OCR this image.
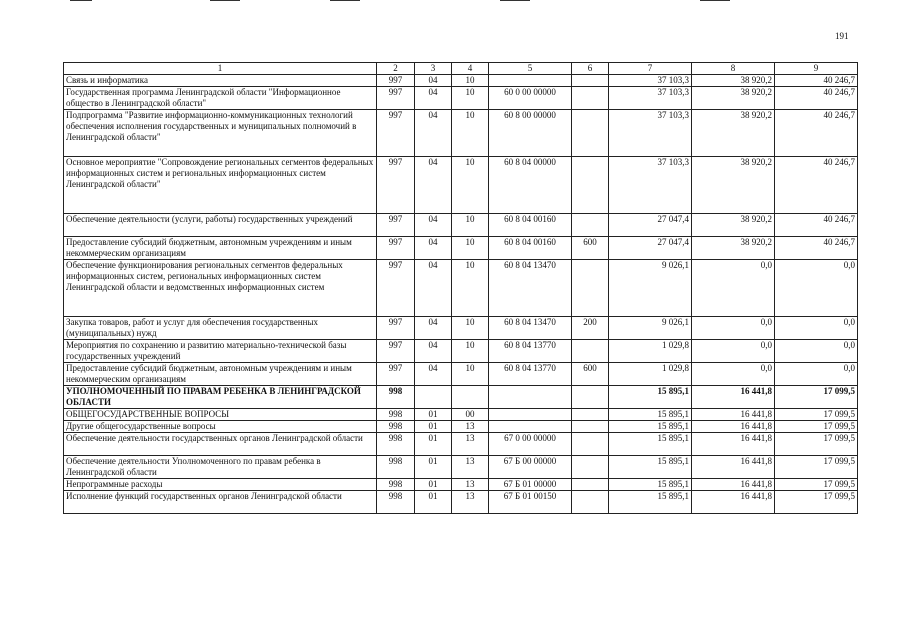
191
1	2	3	4	5	6	7	8	9
Связь и информатика	997	04	10			37 103,3	38 920,2	40 246,7
Государственная программа Ленинградской области "Информационное общество в Ленинградской области"	997	04	10	60 0 00 00000		37 103,3	38 920,2	40 246,7
Подпрограмма "Развитие информационно-коммуникационных технологий обеспечения исполнения государственных и муниципальных полномочий в Ленинградской области"	997	04	10	60 8 00 00000		37 103,3	38 920,2	40 246,7
Основное мероприятие "Сопровождение региональных сегментов федеральных информационных систем и региональных информационных систем Ленинградской области"	997	04	10	60 8 04 00000		37 103,3	38 920,2	40 246,7
Обеспечение деятельности (услуги, работы) государственных учреждений	997	04	10	60 8 04 00160		27 047,4	38 920,2	40 246,7
Предоставление субсидий бюджетным, автономным учреждениям и иным некоммерческим организациям	997	04	10	60 8 04 00160	600	27 047,4	38 920,2	40 246,7
Обеспечение функционирования региональных сегментов федеральных информационных систем, региональных информационных систем Ленинградской области и ведомственных информационных систем	997	04	10	60 8 04 13470		9 026,1	0,0	0,0
Закупка товаров, работ и услуг для обеспечения государственных (муниципальных) нужд	997	04	10	60 8 04 13470	200	9 026,1	0,0	0,0
Мероприятия по сохранению и развитию материально-технической базы государственных учреждений	997	04	10	60 8 04 13770		1 029,8	0,0	0,0
Предоставление субсидий бюджетным, автономным учреждениям и иным некоммерческим организациям	997	04	10	60 8 04 13770	600	1 029,8	0,0	0,0
УПОЛНОМОЧЕННЫЙ ПО ПРАВАМ РЕБЕНКА В ЛЕНИНГРАДСКОЙ ОБЛАСТИ	998					15 895,1	16 441,8	17 099,5
ОБЩЕГОСУДАРСТВЕННЫЕ ВОПРОСЫ	998	01	00			15 895,1	16 441,8	17 099,5
Другие общегосударственные вопросы	998	01	13			15 895,1	16 441,8	17 099,5
Обеспечение деятельности государственных органов Ленинградской области	998	01	13	67 0 00 00000		15 895,1	16 441,8	17 099,5
Обеспечение деятельности Уполномоченного по правам ребенка в Ленинградской области	998	01	13	67 Б 00 00000		15 895,1	16 441,8	17 099,5
Непрограммные расходы	998	01	13	67 Б 01 00000		15 895,1	16 441,8	17 099,5
Исполнение функций государственных органов Ленинградской области	998	01	13	67 Б 01 00150		15 895,1	16 441,8	17 099,5
